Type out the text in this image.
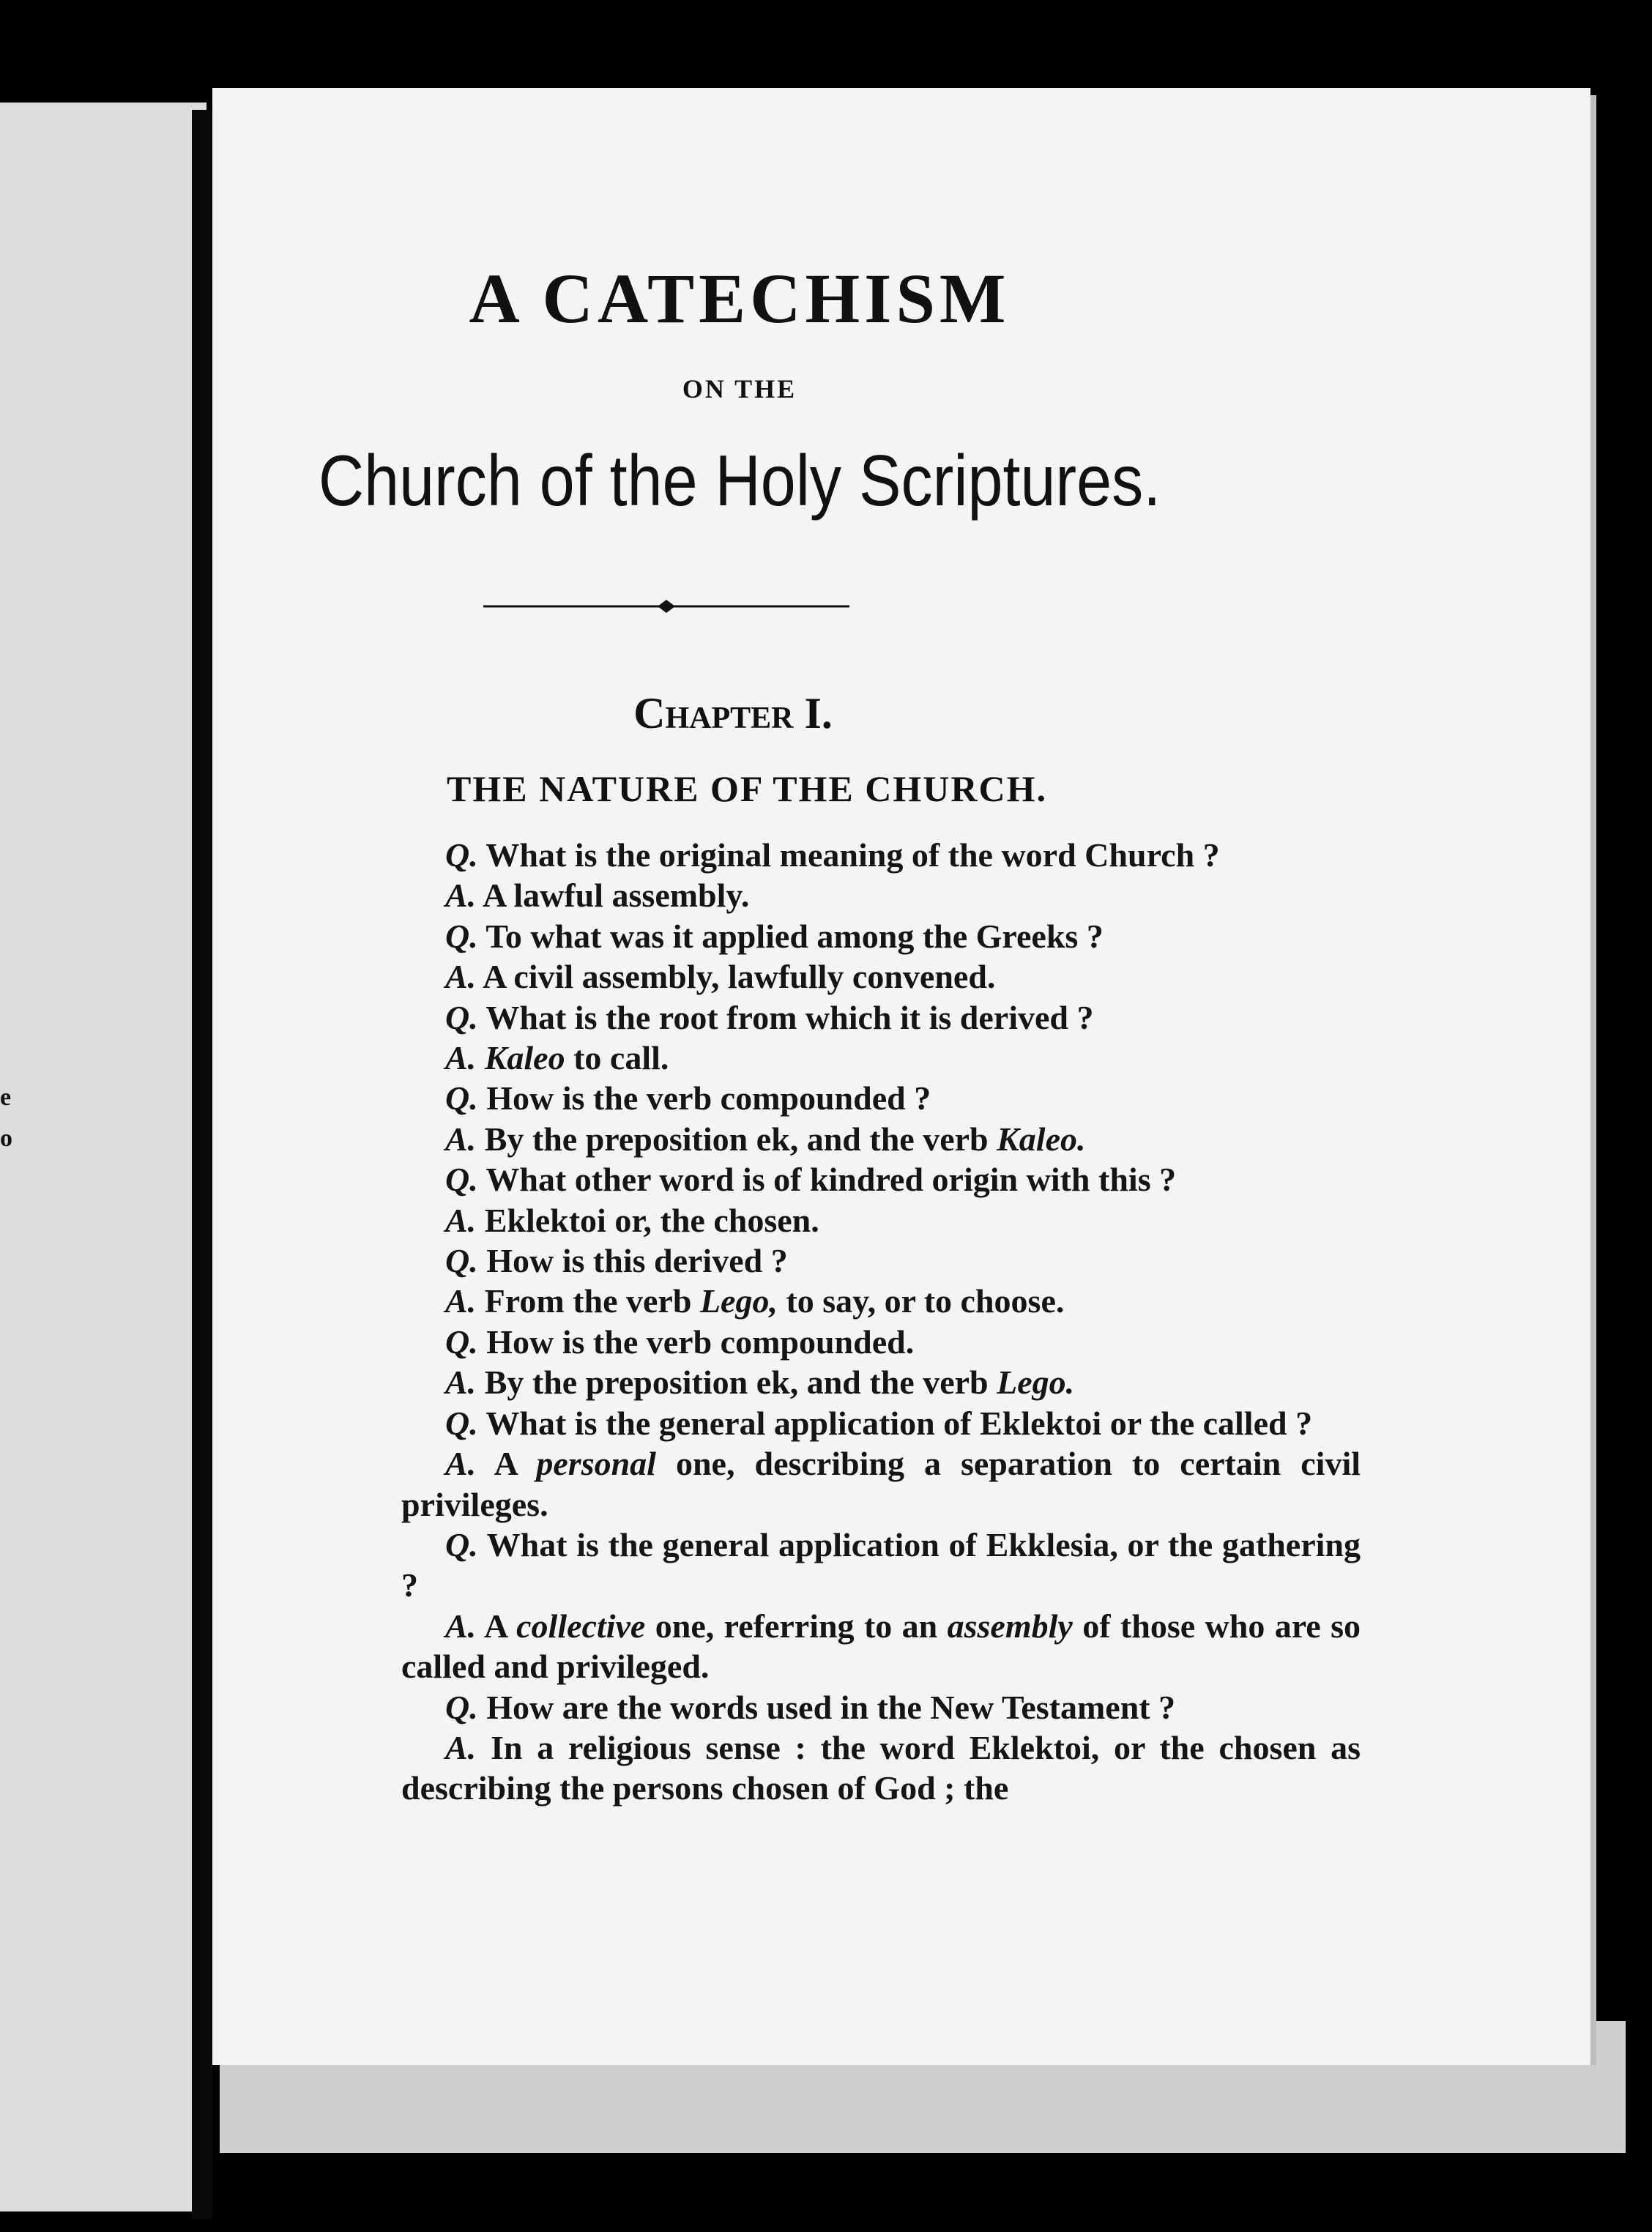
e
o
A CATECHISM
ON THE
Church of the Holy Scriptures.
Chapter I.
THE NATURE OF THE CHURCH.

Q. What is the original meaning of the word Church ?

A. A lawful assembly.

Q. To what was it applied among the Greeks ?

A. A civil assembly, lawfully convened.

Q. What is the root from which it is derived ?

A. Kaleo to call.

Q. How is the verb compounded ?

A. By the preposition ek, and the verb Kaleo.

Q. What other word is of kindred origin with this ?

A. Eklektoi or, the chosen.

Q. How is this derived ?

A. From the verb Lego, to say, or to choose.

Q. How is the verb compounded.

A. By the preposition ek, and the verb Lego.

Q. What is the general application of Eklektoi or the called ?

A. A personal one, describing a separation to certain civil privileges.

Q. What is the general application of Ekklesia, or the gathering ?

A. A collective one, referring to an assembly of those who are so called and privileged.

Q. How are the words used in the New Testament ?

A. In a religious sense : the word Eklektoi, or the chosen as describing the persons chosen of God ; the
